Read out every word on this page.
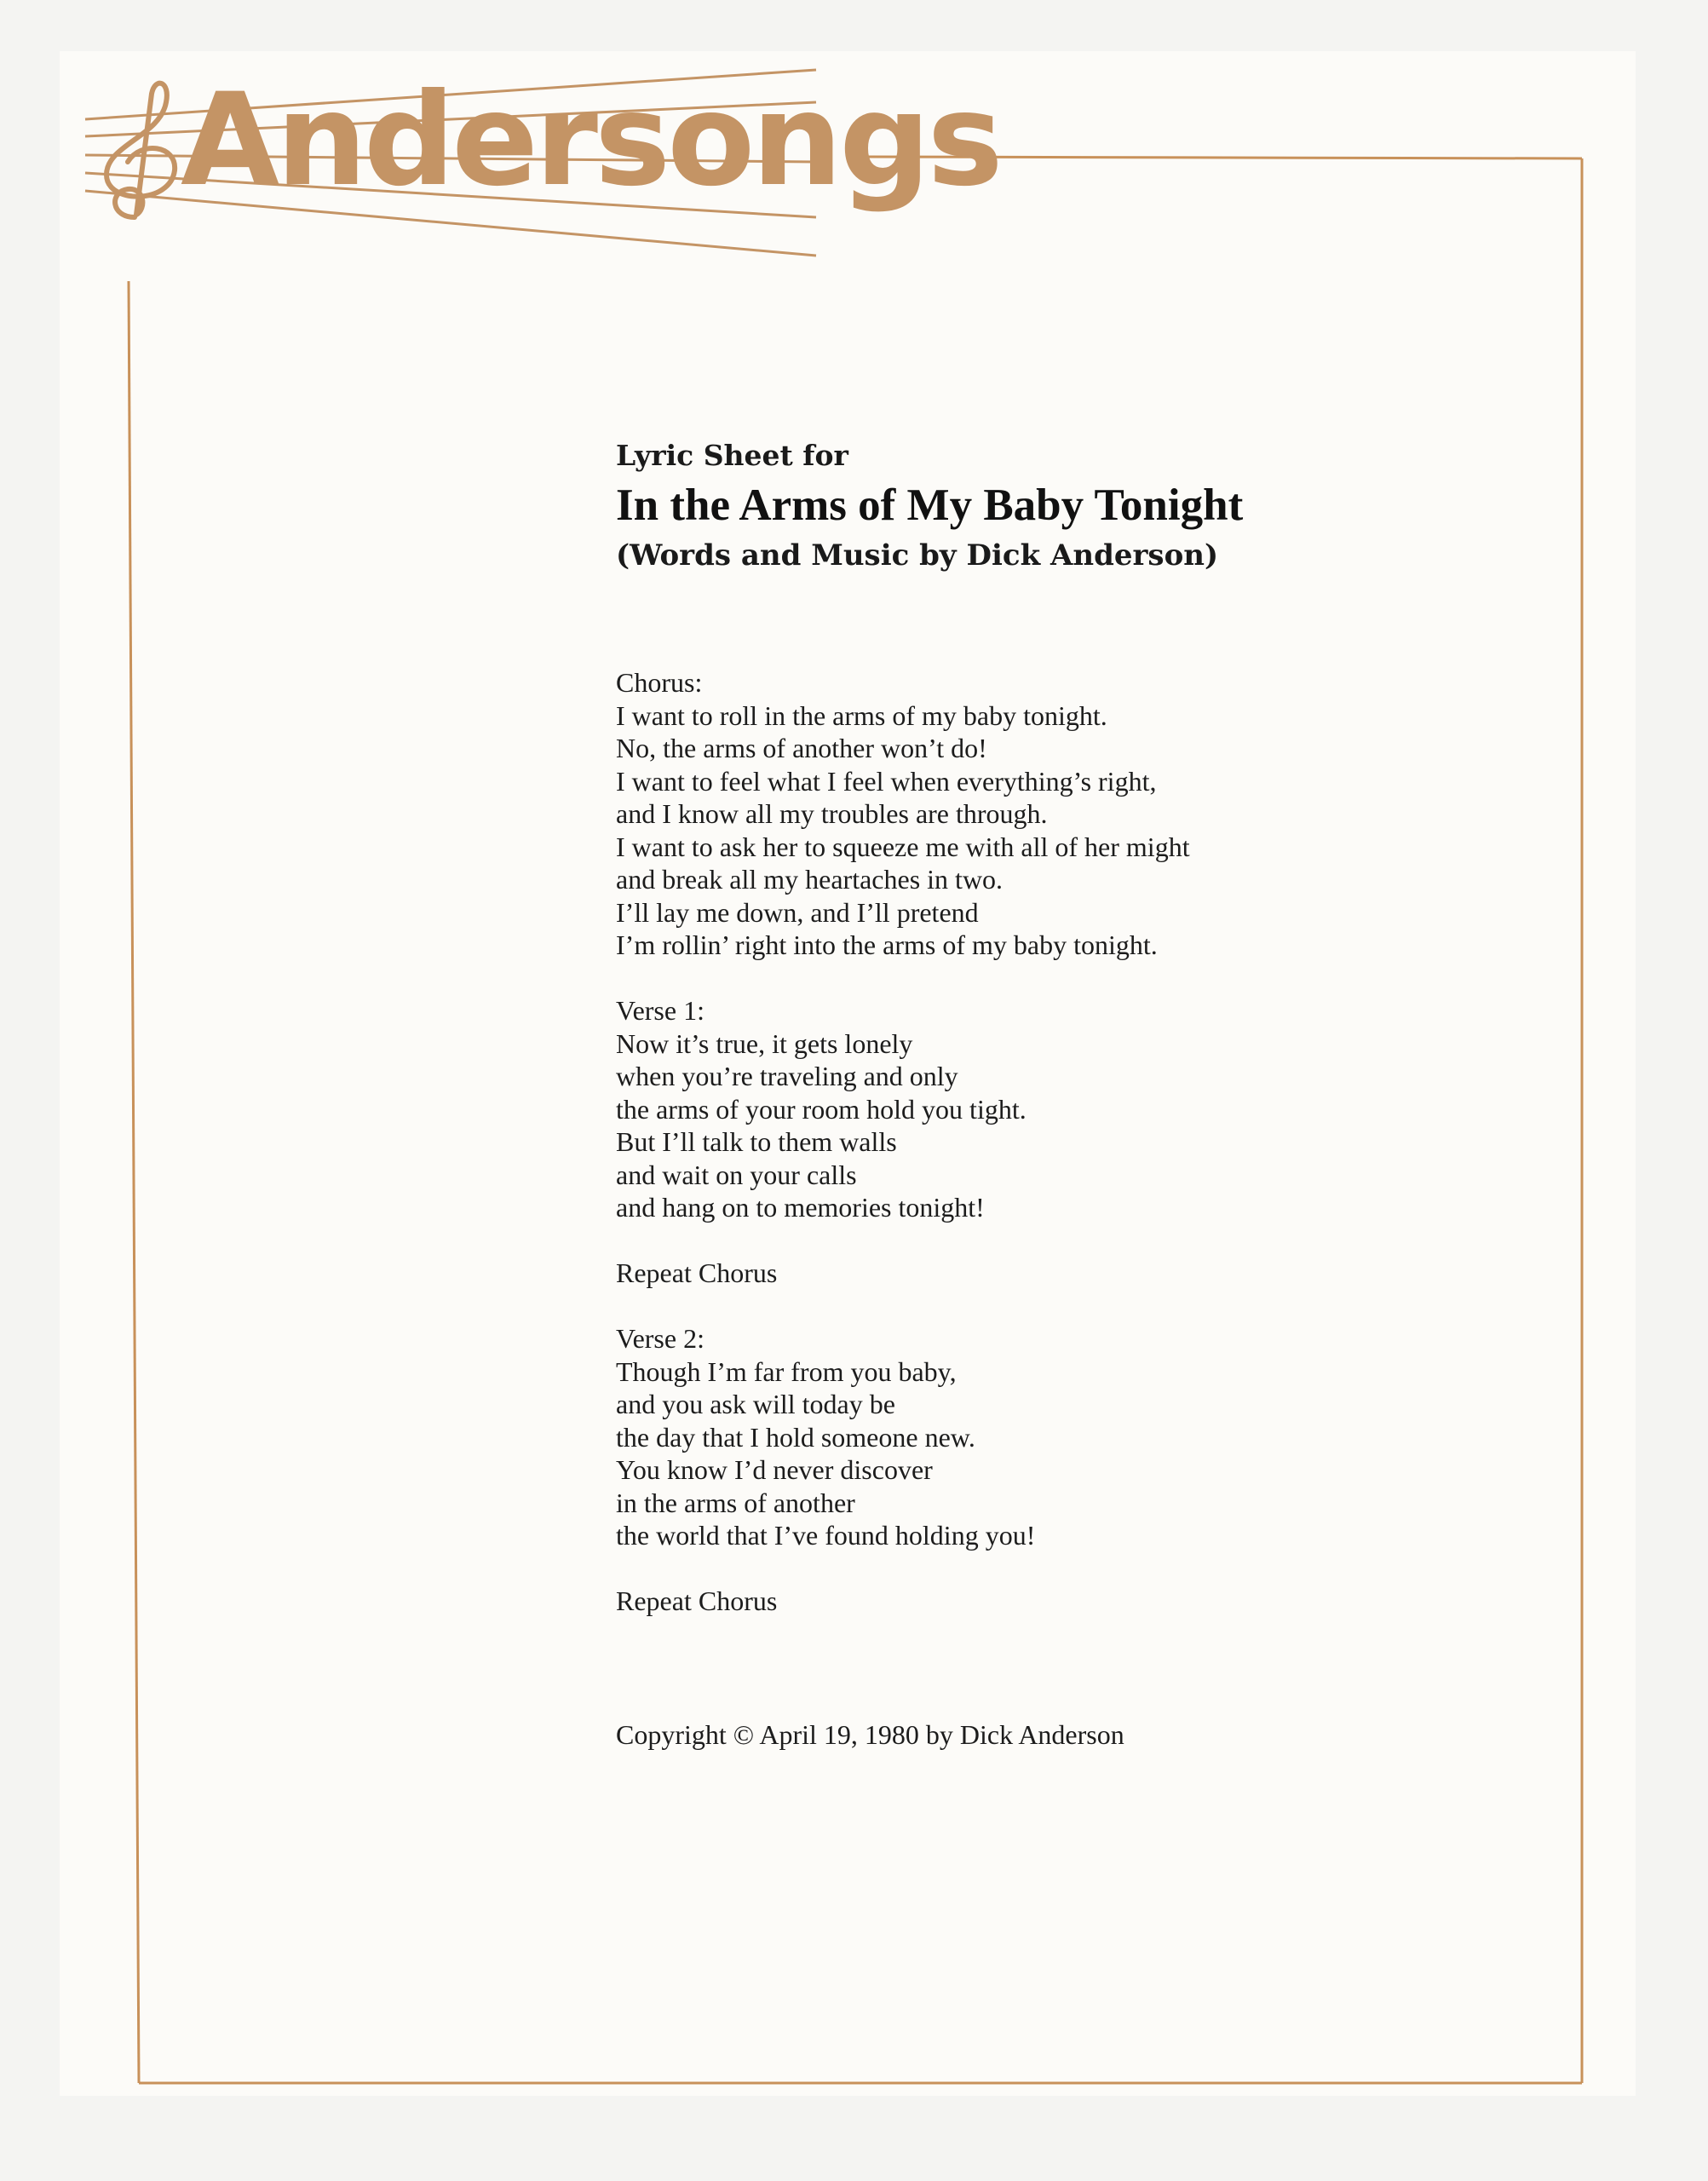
Andersongs
Lyric Sheet for
In the Arms of My Baby Tonight
(Words and Music by Dick Anderson)
Chorus:
I want to roll in the arms of my baby tonight.
No, the arms of another won’t do!
I want to feel what I feel when everything’s right,
and I know all my troubles are through.
I want to ask her to squeeze me with all of her might
and break all my heartaches in two.
I’ll lay me down, and I’ll pretend
I’m rollin’ right into the arms of my baby tonight.
Verse 1:
Now it’s true, it gets lonely
when you’re traveling and only
the arms of your room hold you tight.
But I’ll talk to them walls
and wait on your calls
and hang on to memories tonight!
Repeat Chorus
Verse 2:
Though I’m far from you baby,
and you ask will today be
the day that I hold someone new.
You know I’d never discover
in the arms of another
the world that I’ve found holding you!
Repeat Chorus
Copyright © April 19, 1980 by Dick Anderson
